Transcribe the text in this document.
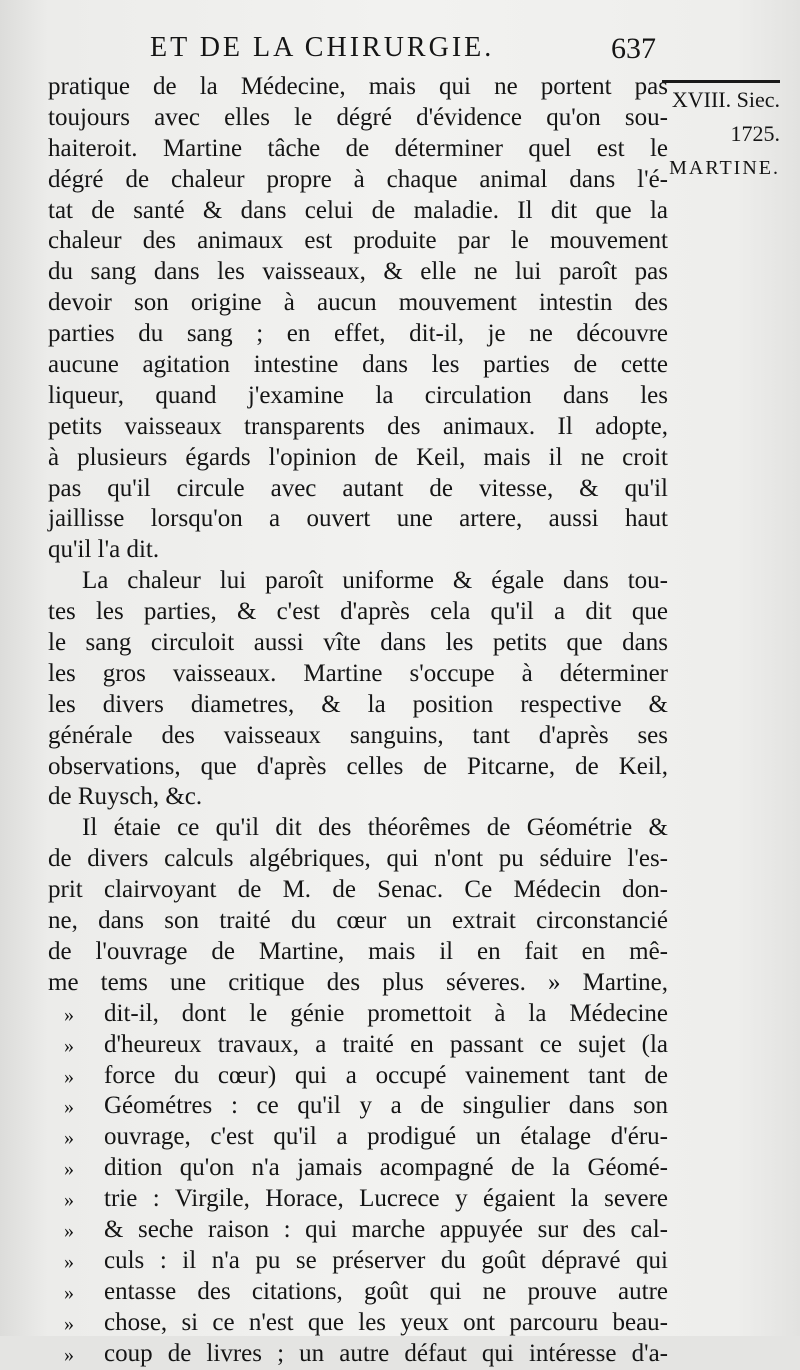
ET DE LA CHIRURGIE.	637
XVIII. Siec.
1725.
MARTINE.
pratique de la Médecine, mais qui ne portent pas
toujours avec elles le dégré d'évidence qu'on sou-
haiteroit. Martine tâche de déterminer quel est le
dégré de chaleur propre à chaque animal dans l'é-
tat de santé & dans celui de maladie. Il dit que la
chaleur des animaux est produite par le mouvement
du sang dans les vaisseaux, & elle ne lui paroît pas
devoir son origine à aucun mouvement intestin des
parties du sang ; en effet, dit-il, je ne découvre
aucune agitation intestine dans les parties de cette
liqueur, quand j'examine la circulation dans les
petits vaisseaux transparents des animaux. Il adopte,
à plusieurs égards l'opinion de Keil, mais il ne croit
pas qu'il circule avec autant de vitesse, & qu'il
jaillisse lorsqu'on a ouvert une artere, aussi haut
qu'il l'a dit.
La chaleur lui paroît uniforme & égale dans tou-
tes les parties, & c'est d'après cela qu'il a dit que
le sang circuloit aussi vîte dans les petits que dans
les gros vaisseaux. Martine s'occupe à déterminer
les divers diametres, & la position respective &
générale des vaisseaux sanguins, tant d'après ses
observations, que d'après celles de Pitcarne, de Keil,
de Ruysch, &c.
Il étaie ce qu'il dit des théorêmes de Géométrie &
de divers calculs algébriques, qui n'ont pu séduire l'es-
prit clairvoyant de M. de Senac. Ce Médecin don-
ne, dans son traité du cœur un extrait circonstancié
de l'ouvrage de Martine, mais il en fait en mê-
me tems une critique des plus séveres. » Martine,
» dit-il, dont le génie promettoit à la Médecine
» d'heureux travaux, a traité en passant ce sujet (la
» force du cœur) qui a occupé vainement tant de
» Géométres : ce qu'il y a de singulier dans son
» ouvrage, c'est qu'il a prodigué un étalage d'éru-
» dition qu'on n'a jamais acompagné de la Géomé-
» trie : Virgile, Horace, Lucrece y égaient la severe
» & seche raison : qui marche appuyée sur des cal-
» culs : il n'a pu se préserver du goût dépravé qui
» entasse des citations, goût qui ne prouve autre
» chose, si ce n'est que les yeux ont parcouru beau-
» coup de livres ; un autre défaut qui intéresse d'a-
